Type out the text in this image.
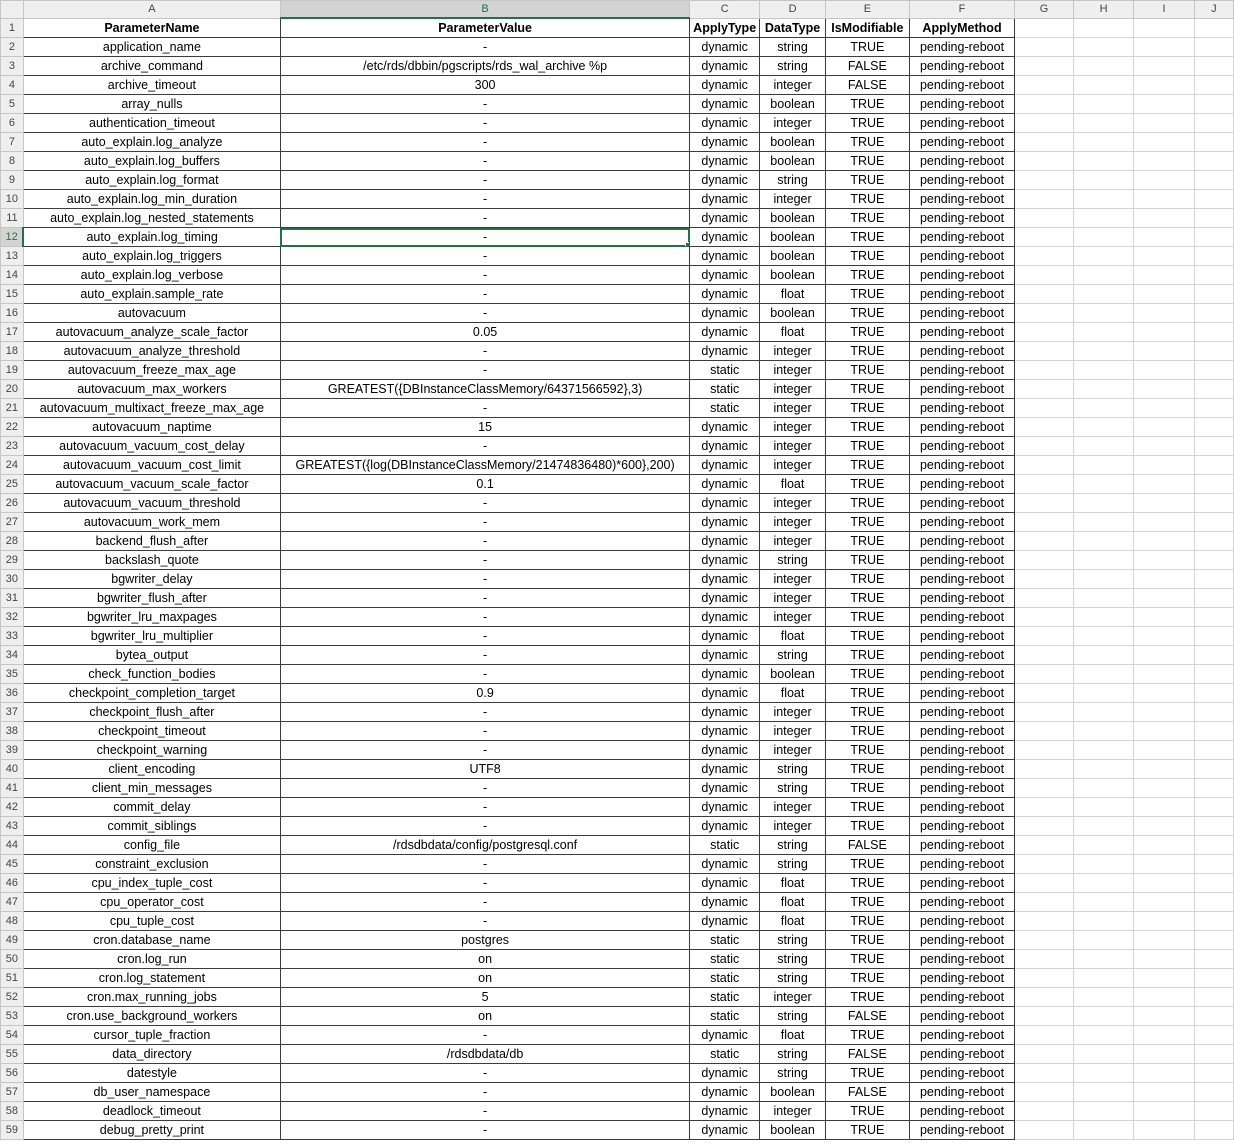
	A	B	C	D	E	F	G	H	I	J
1	ParameterName	ParameterValue	ApplyType	DataType	IsModifiable	ApplyMethod				
2	application_name	-	dynamic	string	TRUE	pending-reboot				
3	archive_command	/etc/rds/dbbin/pgscripts/rds_wal_archive %p	dynamic	string	FALSE	pending-reboot				
4	archive_timeout	300	dynamic	integer	FALSE	pending-reboot				
5	array_nulls	-	dynamic	boolean	TRUE	pending-reboot				
6	authentication_timeout	-	dynamic	integer	TRUE	pending-reboot				
7	auto_explain.log_analyze	-	dynamic	boolean	TRUE	pending-reboot				
8	auto_explain.log_buffers	-	dynamic	boolean	TRUE	pending-reboot				
9	auto_explain.log_format	-	dynamic	string	TRUE	pending-reboot				
10	auto_explain.log_min_duration	-	dynamic	integer	TRUE	pending-reboot				
11	auto_explain.log_nested_statements	-	dynamic	boolean	TRUE	pending-reboot				
12	auto_explain.log_timing	-	dynamic	boolean	TRUE	pending-reboot				
13	auto_explain.log_triggers	-	dynamic	boolean	TRUE	pending-reboot				
14	auto_explain.log_verbose	-	dynamic	boolean	TRUE	pending-reboot				
15	auto_explain.sample_rate	-	dynamic	float	TRUE	pending-reboot				
16	autovacuum	-	dynamic	boolean	TRUE	pending-reboot				
17	autovacuum_analyze_scale_factor	0.05	dynamic	float	TRUE	pending-reboot				
18	autovacuum_analyze_threshold	-	dynamic	integer	TRUE	pending-reboot				
19	autovacuum_freeze_max_age	-	static	integer	TRUE	pending-reboot				
20	autovacuum_max_workers	GREATEST({DBInstanceClassMemory/64371566592},3)	static	integer	TRUE	pending-reboot				
21	autovacuum_multixact_freeze_max_age	-	static	integer	TRUE	pending-reboot				
22	autovacuum_naptime	15	dynamic	integer	TRUE	pending-reboot				
23	autovacuum_vacuum_cost_delay	-	dynamic	integer	TRUE	pending-reboot				
24	autovacuum_vacuum_cost_limit	GREATEST({log(DBInstanceClassMemory/21474836480)*600},200)	dynamic	integer	TRUE	pending-reboot				
25	autovacuum_vacuum_scale_factor	0.1	dynamic	float	TRUE	pending-reboot				
26	autovacuum_vacuum_threshold	-	dynamic	integer	TRUE	pending-reboot				
27	autovacuum_work_mem	-	dynamic	integer	TRUE	pending-reboot				
28	backend_flush_after	-	dynamic	integer	TRUE	pending-reboot				
29	backslash_quote	-	dynamic	string	TRUE	pending-reboot				
30	bgwriter_delay	-	dynamic	integer	TRUE	pending-reboot				
31	bgwriter_flush_after	-	dynamic	integer	TRUE	pending-reboot				
32	bgwriter_lru_maxpages	-	dynamic	integer	TRUE	pending-reboot				
33	bgwriter_lru_multiplier	-	dynamic	float	TRUE	pending-reboot				
34	bytea_output	-	dynamic	string	TRUE	pending-reboot				
35	check_function_bodies	-	dynamic	boolean	TRUE	pending-reboot				
36	checkpoint_completion_target	0.9	dynamic	float	TRUE	pending-reboot				
37	checkpoint_flush_after	-	dynamic	integer	TRUE	pending-reboot				
38	checkpoint_timeout	-	dynamic	integer	TRUE	pending-reboot				
39	checkpoint_warning	-	dynamic	integer	TRUE	pending-reboot				
40	client_encoding	UTF8	dynamic	string	TRUE	pending-reboot				
41	client_min_messages	-	dynamic	string	TRUE	pending-reboot				
42	commit_delay	-	dynamic	integer	TRUE	pending-reboot				
43	commit_siblings	-	dynamic	integer	TRUE	pending-reboot				
44	config_file	/rdsdbdata/config/postgresql.conf	static	string	FALSE	pending-reboot				
45	constraint_exclusion	-	dynamic	string	TRUE	pending-reboot				
46	cpu_index_tuple_cost	-	dynamic	float	TRUE	pending-reboot				
47	cpu_operator_cost	-	dynamic	float	TRUE	pending-reboot				
48	cpu_tuple_cost	-	dynamic	float	TRUE	pending-reboot				
49	cron.database_name	postgres	static	string	TRUE	pending-reboot				
50	cron.log_run	on	static	string	TRUE	pending-reboot				
51	cron.log_statement	on	static	string	TRUE	pending-reboot				
52	cron.max_running_jobs	5	static	integer	TRUE	pending-reboot				
53	cron.use_background_workers	on	static	string	FALSE	pending-reboot				
54	cursor_tuple_fraction	-	dynamic	float	TRUE	pending-reboot				
55	data_directory	/rdsdbdata/db	static	string	FALSE	pending-reboot				
56	datestyle	-	dynamic	string	TRUE	pending-reboot				
57	db_user_namespace	-	dynamic	boolean	FALSE	pending-reboot				
58	deadlock_timeout	-	dynamic	integer	TRUE	pending-reboot				
59	debug_pretty_print	-	dynamic	boolean	TRUE	pending-reboot				
